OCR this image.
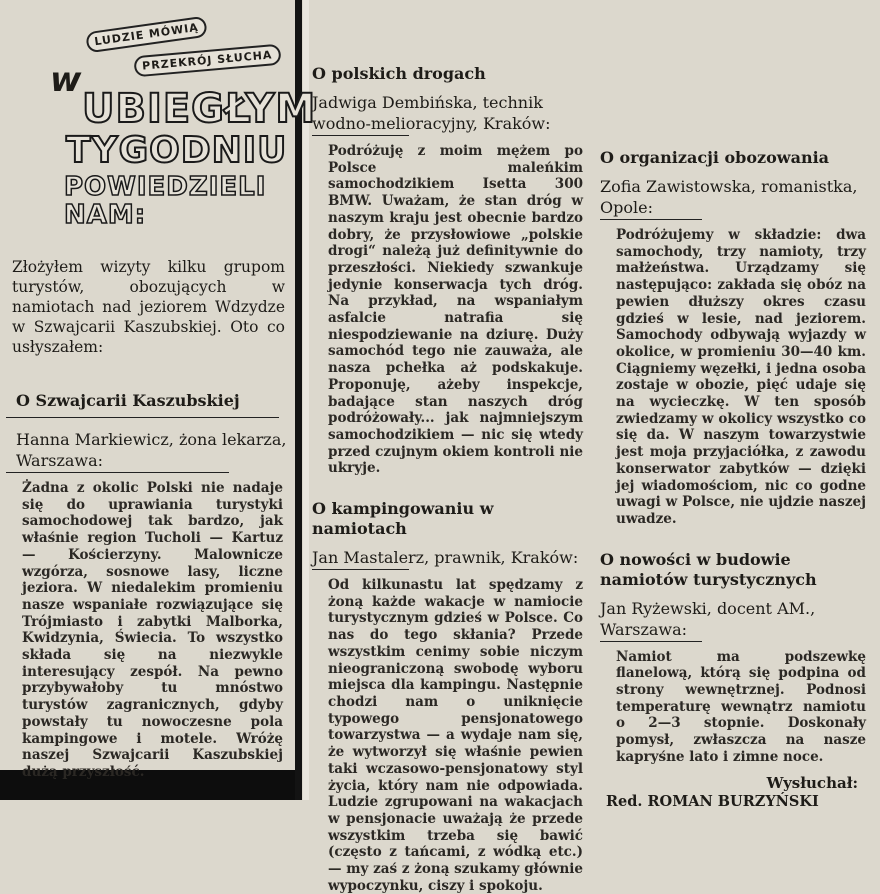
LUDZIE MÓWIĄ
PRZEKRÓJ SŁUCHA
w
UBIEGŁYM
TYGODNIU
POWIEDZIELI
NAM:
Złożyłem wizyty kilku grupom turystów, obozujących w namiotach nad jeziorem Wdzydze w Szwajcarii Kaszubskiej. Oto co usłyszałem:
O Szwajcarii Kaszubskiej
Hanna Markiewicz, żona lekarza, Warszawa:
Żadna z okolic Polski nie nadaje się do uprawiania turystyki samochodowej tak bardzo, jak właśnie region Tucholi — Kartuz — Kościerzyny. Malownicze wzgórza, sosnowe lasy, liczne jeziora. W niedalekim promieniu nasze wspaniałe rozwiązujące się Trójmiasto i zabytki Malborka, Kwidzynia, Świecia. To wszystko składa się na niezwykle interesujący zespół. Na pewno przybywałoby tu mnóstwo turystów zagranicznych, gdyby powstały tu nowoczesne pola kampingowe i motele. Wróżę naszej Szwajcarii Kaszubskiej dużą przyszłość.
O polskich drogach
Jadwiga Dembińska, technik wodno-melioracyjny, Kraków:
Podróżuję z moim mężem po Polsce maleńkim samochodzikiem Isetta 300 BMW. Uważam, że stan dróg w naszym kraju jest obecnie bardzo dobry, że przysłowiowe „polskie drogi“ należą już definitywnie do przeszłości. Niekiedy szwankuje jedynie konserwacja tych dróg. Na przykład, na wspaniałym asfalcie natrafia się niespodziewanie na dziurę. Duży samochód tego nie zauważa, ale nasza pchełka aż podskakuje. Proponuję, ażeby inspekcje, badające stan naszych dróg podróżowały... jak najmniejszym samochodzikiem — nic się wtedy przed czujnym okiem kontroli nie ukryje.
O kampingowaniu w namiotach
Jan Mastalerz, prawnik, Kraków:
Od kilkunastu lat spędzamy z żoną każde wakacje w namiocie turystycznym gdzieś w Polsce. Co nas do tego skłania? Przede wszystkim cenimy sobie niczym nieograniczoną swobodę wyboru miejsca dla kampingu. Następnie chodzi nam o uniknięcie typowego pensjonatowego towarzystwa — a wydaje nam się, że wytworzył się właśnie pewien taki wczasowo-pensjonatowy styl życia, który nam nie odpowiada. Ludzie zgrupowani na wakacjach w pensjonacie uważają że przede wszystkim trzeba się bawić (często z tańcami, z wódką etc.) — my zaś z żoną szukamy głównie wypoczynku, ciszy i spokoju.
O organizacji obozowania
Zofia Zawistowska, romanistka, Opole:
Podróżujemy w składzie: dwa samochody, trzy namioty, trzy małżeństwa. Urządzamy się następująco: zakłada się obóz na pewien dłuższy okres czasu gdzieś w lesie, nad jeziorem. Samochody odbywają wyjazdy w okolice, w promieniu 30—40 km. Ciągniemy węzełki, i jedna osoba zostaje w obozie, pięć udaje się na wycieczkę. W ten sposób zwiedzamy w okolicy wszystko co się da. W naszym towarzystwie jest moja przyjaciółka, z zawodu konserwator zabytków — dzięki jej wiadomościom, nic co godne uwagi w Polsce, nie ujdzie naszej uwadze.
O nowości w budowie namiotów turystycznych
Jan Ryżewski, docent AM., Warszawa:
Namiot ma podszewkę flanelową, którą się podpina od strony wewnętrznej. Podnosi temperaturę wewnątrz namiotu o 2—3 stopnie. Doskonały pomysł, zwłaszcza na nasze kapryśne lato i zimne noce.
Wysłuchał:
Red. ROMAN BURZYŃSKI
